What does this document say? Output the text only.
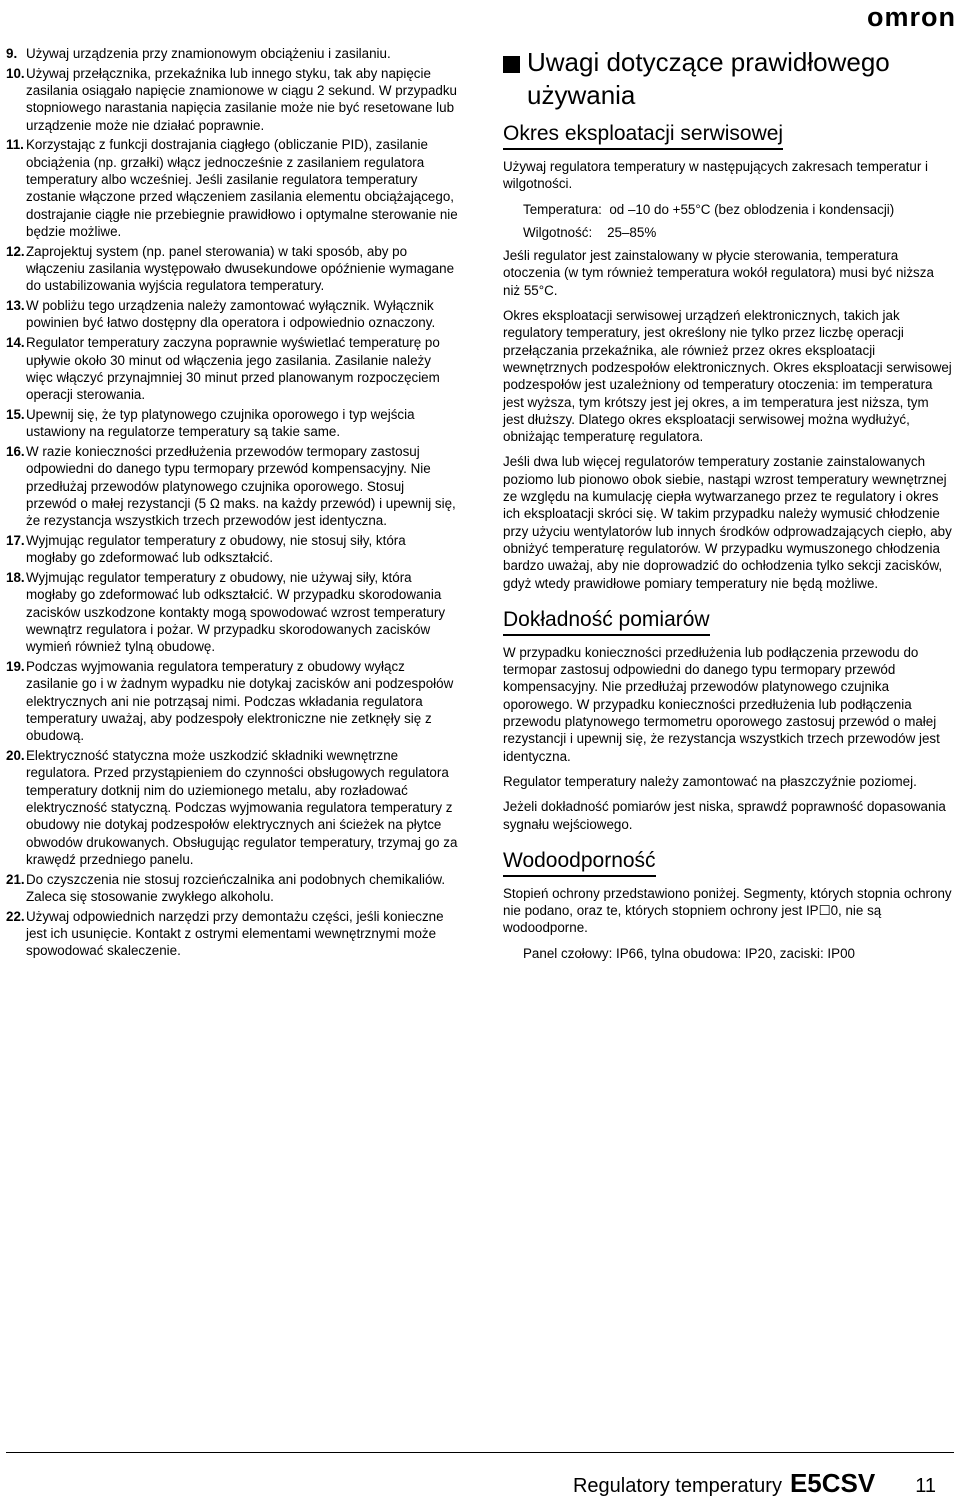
omron
9. Używaj urządzenia przy znamionowym obciążeniu i zasilaniu.
10. Używaj przełącznika, przekaźnika lub innego styku, tak aby napięcie zasilania osiągało napięcie znamionowe w ciągu 2 sekund. W przypadku stopniowego narastania napięcia zasilanie może nie być resetowane lub urządzenie może nie działać poprawnie.
11. Korzystając z funkcji dostrajania ciągłego (obliczanie PID), zasilanie obciążenia (np. grzałki) włącz jednocześnie z zasilaniem regulatora temperatury albo wcześniej. Jeśli zasilanie regulatora temperatury zostanie włączone przed włączeniem zasilania elementu obciążającego, dostrajanie ciągłe nie przebiegnie prawidłowo i optymalne sterowanie nie będzie możliwe.
12. Zaprojektuj system (np. panel sterowania) w taki sposób, aby po włączeniu zasilania występowało dwusekundowe opóźnienie wymagane do ustabilizowania wyjścia regulatora temperatury.
13. W pobliżu tego urządzenia należy zamontować wyłącznik. Wyłącznik powinien być łatwo dostępny dla operatora i odpowiednio oznaczony.
14. Regulator temperatury zaczyna poprawnie wyświetlać temperaturę po upływie około 30 minut od włączenia jego zasilania. Zasilanie należy więc włączyć przynajmniej 30 minut przed planowanym rozpoczęciem operacji sterowania.
15. Upewnij się, że typ platynowego czujnika oporowego i typ wejścia ustawiony na regulatorze temperatury są takie same.
16. W razie konieczności przedłużenia przewodów termopary zastosuj odpowiedni do danego typu termopary przewód kompensacyjny. Nie przedłużaj przewodów platynowego czujnika oporowego. Stosuj przewód o małej rezystancji (5 Ω maks. na każdy przewód) i upewnij się, że rezystancja wszystkich trzech przewodów jest identyczna.
17. Wyjmując regulator temperatury z obudowy, nie stosuj siły, która mogłaby go zdeformować lub odkształcić.
18. Wyjmując regulator temperatury z obudowy, nie używaj siły, która mogłaby go zdeformować lub odkształcić. W przypadku skorodowania zacisków uszkodzone kontakty mogą spowodować wzrost temperatury wewnątrz regulatora i pożar. W przypadku skorodowanych zacisków wymień również tylną obudowę.
19. Podczas wyjmowania regulatora temperatury z obudowy wyłącz zasilanie go i w żadnym wypadku nie dotykaj zacisków ani podzespołów elektrycznych ani nie potrząsaj nimi. Podczas wkładania regulatora temperatury uważaj, aby podzespoły elektroniczne nie zetknęły się z obudową.
20. Elektryczność statyczna może uszkodzić składniki wewnętrzne regulatora. Przed przystąpieniem do czynności obsługowych regulatora temperatury dotknij nim do uziemionego metalu, aby rozładować elektryczność statyczną. Podczas wyjmowania regulatora temperatury z obudowy nie dotykaj podzespołów elektrycznych ani ścieżek na płytce obwodów drukowanych. Obsługując regulator temperatury, trzymaj go za krawędź przedniego panelu.
21. Do czyszczenia nie stosuj rozcieńczalnika ani podobnych chemikaliów. Zaleca się stosowanie zwykłego alkoholu.
22. Używaj odpowiednich narzędzi przy demontażu części, jeśli konieczne jest ich usunięcie. Kontakt z ostrymi elementami wewnętrznymi może spowodować skaleczenie.
Uwagi dotyczące prawidłowego używania
Okres eksploatacji serwisowej

Używaj regulatora temperatury w następujących zakresach temperatur i wilgotności.

Temperatura:  od –10 do +55°C (bez oblodzenia i kondensacji)

Wilgotność:    25–85%

Jeśli regulator jest zainstalowany w płycie sterowania, temperatura otoczenia (w tym również temperatura wokół regulatora) musi być niższa niż 55°C.

Okres eksploatacji serwisowej urządzeń elektronicznych, takich jak regulatory temperatury, jest określony nie tylko przez liczbę operacji przełączania przekaźnika, ale również przez okres eksploatacji wewnętrznych podzespołów elektronicznych. Okres eksploatacji serwisowej podzespołów jest uzależniony od temperatury otoczenia: im temperatura jest wyższa, tym krótszy jest jej okres, a im temperatura jest niższa, tym jest dłuższy. Dlatego okres eksploatacji serwisowej można wydłużyć, obniżając temperaturę regulatora.

Jeśli dwa lub więcej regulatorów temperatury zostanie zainstalowanych poziomo lub pionowo obok siebie, nastąpi wzrost temperatury wewnętrznej ze względu na kumulację ciepła wytwarzanego przez te regulatory i okres ich eksploatacji skróci się. W takim przypadku należy wymusić chłodzenie przy użyciu wentylatorów lub innych środków odprowadzających ciepło, aby obniżyć temperaturę regulatorów. W przypadku wymuszonego chłodzenia bardzo uważaj, aby nie doprowadzić do ochłodzenia tylko sekcji zacisków, gdyż wtedy prawidłowe pomiary temperatury nie będą możliwe.

Dokładność pomiarów

W przypadku konieczności przedłużenia lub podłączenia przewodu do termopar zastosuj odpowiedni do danego typu termopary przewód kompensacyjny. Nie przedłużaj przewodów platynowego czujnika oporowego. W przypadku konieczności przedłużenia lub podłączenia przewodu platynowego termometru oporowego zastosuj przewód o małej rezystancji i upewnij się, że rezystancja wszystkich trzech przewodów jest identyczna.

Regulator temperatury należy zamontować na płaszczyźnie poziomej.

Jeżeli dokładność pomiarów jest niska, sprawdź poprawność dopasowania sygnału wejściowego.

Wodoodporność

Stopień ochrony przedstawiono poniżej. Segmenty, których stopnia ochrony nie podano, oraz te, których stopniem ochrony jest IP☐0, nie są wodoodporne.

Panel czołowy: IP66, tylna obudowa: IP20, zaciski: IP00

Regulatory temperatury E5CSV 11
